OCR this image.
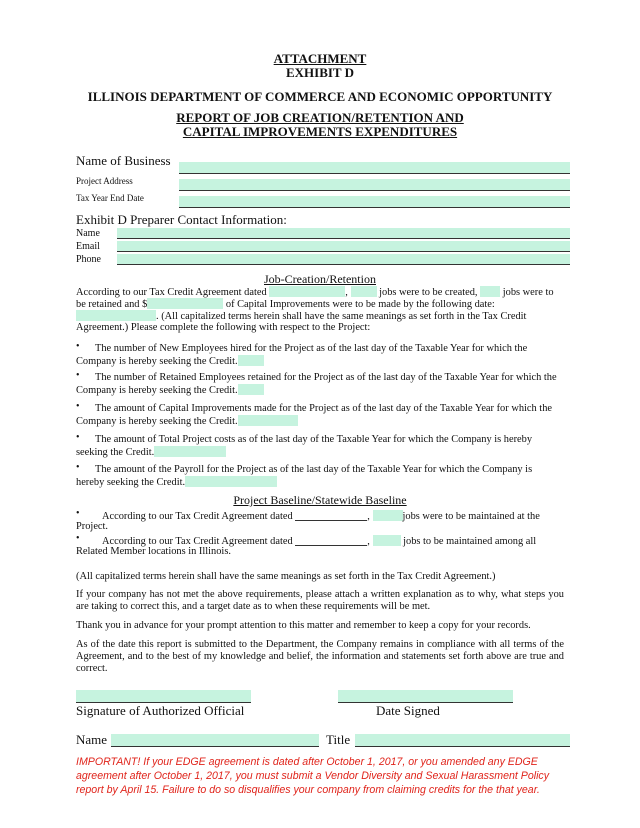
ATTACHMENT
EXHIBIT D
ILLINOIS DEPARTMENT OF COMMERCE AND ECONOMIC OPPORTUNITY
REPORT OF JOB CREATION/RETENTION AND
CAPITAL IMPROVEMENTS EXPENDITURES
Name of Business
Project Address
Tax Year End Date
Exhibit D Preparer Contact Information:
Name
Email
Phone
Job-Creation/Retention
According to our Tax Credit Agreement dated	,	jobs were to be created, jobs were to
be retained and $	of Capital Improvements were to be made by the following date:
. (All capitalized terms herein shall have the same meanings as set forth in the Tax Credit
Agreement.) Please complete the following with respect to the Project:
• The number of New Employees hired for the Project as of the last day of the Taxable Year for which the
Company is hereby seeking the Credit.
• The number of Retained Employees retained for the Project as of the last day of the Taxable Year for which the
Company is hereby seeking the Credit.
• The amount of Capital Improvements made for the Project as of the last day of the Taxable Year for which the
Company is hereby seeking the Credit.
• The amount of Total Project costs as of the last day of the Taxable Year for which the Company is hereby
seeking the Credit.
• The amount of the Payroll for the Project as of the last day of the Taxable Year for which the Company is
hereby seeking the Credit.
Project Baseline/Statewide Baseline
• According to our Tax Credit Agreement dated	,	jobs were to be maintained at the
Project.
• According to our Tax Credit Agreement dated	,	jobs to be maintained among all
Related Member locations in Illinois.
(All capitalized terms herein shall have the same meanings as set forth in the Tax Credit Agreement.)
If your company has not met the above requirements, please attach a written explanation as to why, what steps you are taking to correct this, and a target date as to when these requirements will be met.
Thank you in advance for your prompt attention to this matter and remember to keep a copy for your records.
As of the date this report is submitted to the Department, the Company remains in compliance with all terms of the Agreement, and to the best of my knowledge and belief, the information and statements set forth above are true and correct.
Signature of Authorized Official	Date Signed
Name	Title
IMPORTANT! If your EDGE agreement is dated after October 1, 2017, or you amended any EDGE
agreement after October 1, 2017, you must submit a Vendor Diversity and Sexual Harassment Policy
report by April 15. Failure to do so disqualifies your company from claiming credits for the that year.
